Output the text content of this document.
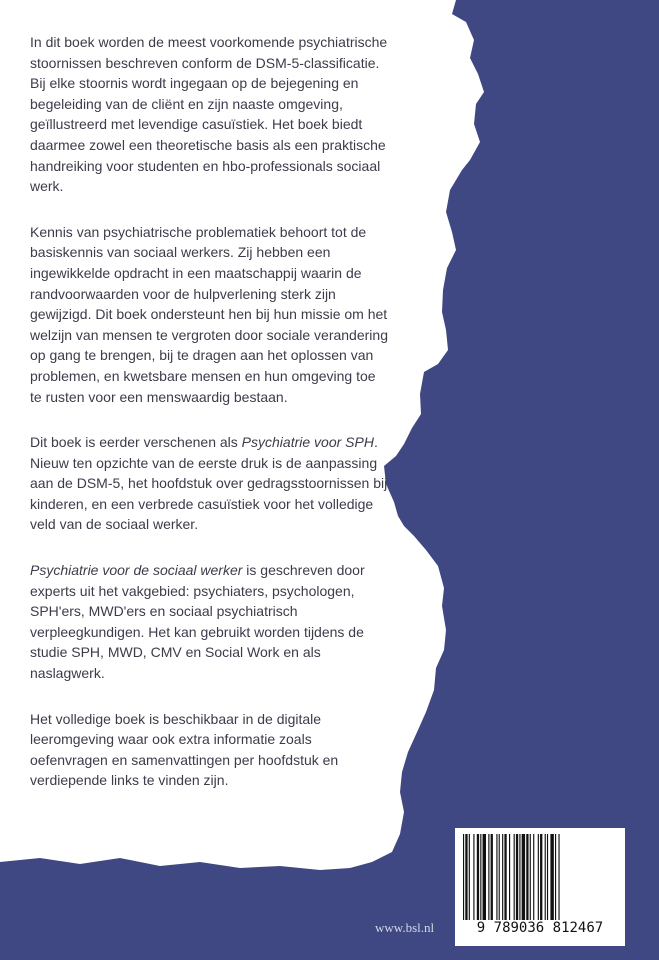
In dit boek worden de meest voorkomende psychiatrische stoornissen beschreven conform de DSM-5-classificatie. Bij elke stoornis wordt ingegaan op de bejegening en begeleiding van de cliënt en zijn naaste omgeving, geïllustreerd met levendige casuïstiek. Het boek biedt daarmee zowel een theoretische basis als een praktische handreiking voor studenten en hbo-professionals sociaal werk.

Kennis van psychiatrische problematiek behoort tot de basiskennis van sociaal werkers. Zij hebben een ingewikkelde opdracht in een maatschappij waarin de randvoorwaarden voor de hulpverlening sterk zijn gewijzigd. Dit boek ondersteunt hen bij hun missie om het welzijn van mensen te vergroten door sociale verandering op gang te brengen, bij te dragen aan het oplossen van problemen, en kwetsbare mensen en hun omgeving toe te rusten voor een menswaardig bestaan.

Dit boek is eerder verschenen als Psychiatrie voor SPH. Nieuw ten opzichte van de eerste druk is de aanpassing aan de DSM-5, het hoofdstuk over gedragsstoornissen bij kinderen, en een verbrede casuïstiek voor het volledige veld van de sociaal werker.

Psychiatrie voor de sociaal werker is geschreven door experts uit het vakgebied: psychiaters, psychologen, SPH'ers, MWD'ers en sociaal psychiatrisch verpleegkundigen. Het kan gebruikt worden tijdens de studie SPH, MWD, CMV en Social Work en als naslagwerk.

Het volledige boek is beschikbaar in de digitale leeromgeving waar ook extra informatie zoals oefenvragen en samenvattingen per hoofdstuk en verdiepende links te vinden zijn.

9 789036 812467
www.bsl.nl
